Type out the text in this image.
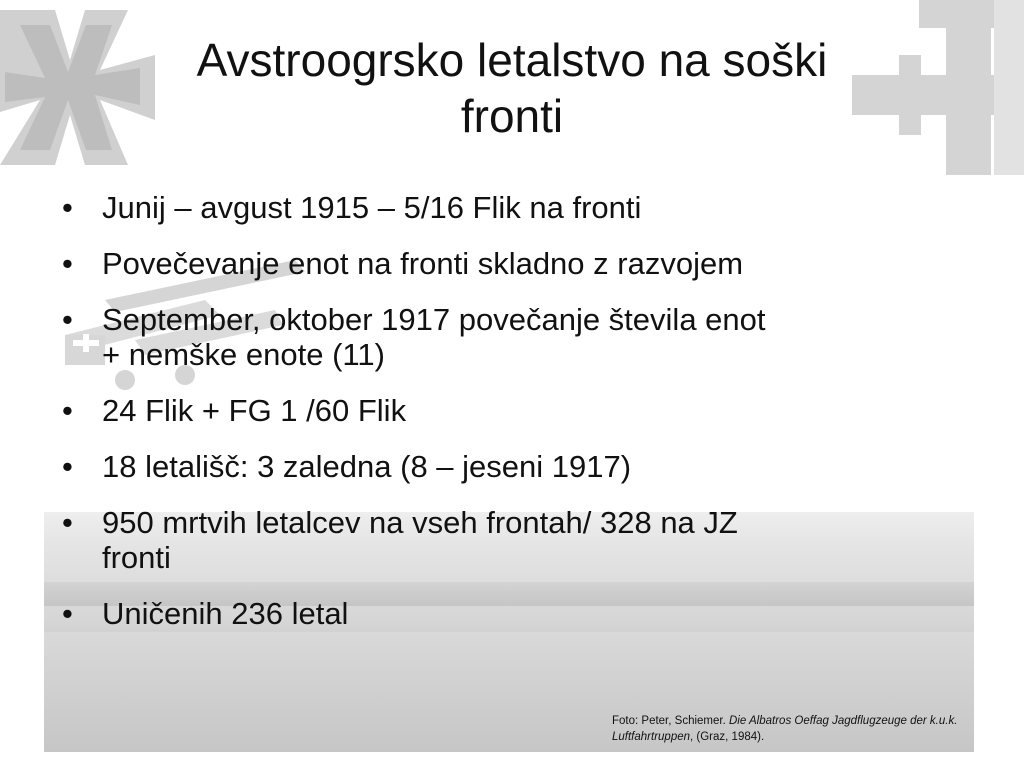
Avstroogrsko letalstvo na soški
fronti
• Junij – avgust 1915 – 5/16 Flik na fronti
• Povečevanje enot na fronti skladno z razvojem
• September, oktober 1917 povečanje števila enot
+ nemške enote (11)
• 24 Flik + FG 1 /60 Flik
• 18 letališč: 3 zaledna (8 – jeseni 1917)
• 950 mrtvih letalcev na vseh frontah/ 328 na JZ
fronti
• Uničenih 236 letal
Foto: Peter, Schiemer. Die Albatros Oeffag Jagdflugzeuge der k.u.k. Luftfahrtruppen, (Graz, 1984).
